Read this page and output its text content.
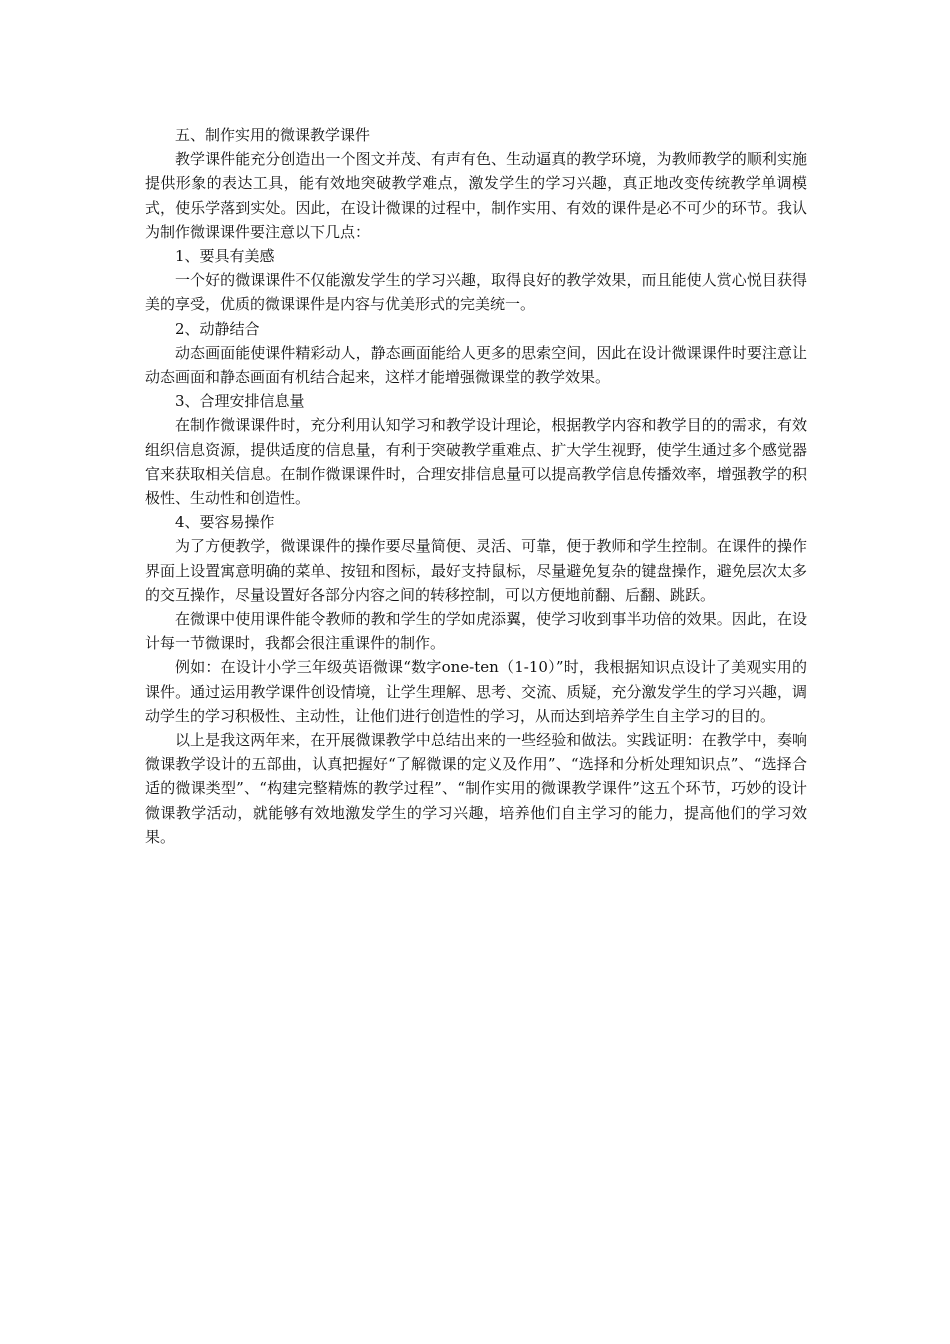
五、制作实用的微课教学课件

教学课件能充分创造出一个图文并茂、有声有色、生动逼真的教学环境，为教师教学的顺利实施提供形象的表达工具，能有效地突破教学难点，激发学生的学习兴趣，真正地改变传统教学单调模式，使乐学落到实处。因此，在设计微课的过程中，制作实用、有效的课件是必不可少的环节。我认为制作微课课件要注意以下几点：

1、要具有美感

一个好的微课课件不仅能激发学生的学习兴趣，取得良好的教学效果，而且能使人赏心悦目获得美的享受，优质的微课课件是内容与优美形式的完美统一。

2、动静结合

动态画面能使课件精彩动人，静态画面能给人更多的思索空间，因此在设计微课课件时要注意让动态画面和静态画面有机结合起来，这样才能增强微课堂的教学效果。

3、合理安排信息量

在制作微课课件时，充分利用认知学习和教学设计理论，根据教学内容和教学目的的需求，有效组织信息资源，提供适度的信息量，有利于突破教学重难点、扩大学生视野，使学生通过多个感觉器官来获取相关信息。在制作微课课件时，合理安排信息量可以提高教学信息传播效率，增强教学的积极性、生动性和创造性。

4、要容易操作

为了方便教学，微课课件的操作要尽量简便、灵活、可靠，便于教师和学生控制。在课件的操作界面上设置寓意明确的菜单、按钮和图标，最好支持鼠标，尽量避免复杂的键盘操作，避免层次太多的交互操作，尽量设置好各部分内容之间的转移控制，可以方便地前翻、后翻、跳跃。

在微课中使用课件能令教师的教和学生的学如虎添翼，使学习收到事半功倍的效果。因此，在设计每一节微课时，我都会很注重课件的制作。

例如：在设计小学三年级英语微课“数字one-ten（1-10）”时，我根据知识点设计了美观实用的课件。通过运用教学课件创设情境，让学生理解、思考、交流、质疑，充分激发学生的学习兴趣，调动学生的学习积极性、主动性，让他们进行创造性的学习，从而达到培养学生自主学习的目的。

以上是我这两年来，在开展微课教学中总结出来的一些经验和做法。实践证明：在教学中，奏响微课教学设计的五部曲，认真把握好“了解微课的定义及作用”、“选择和分析处理知识点”、“选择合适的微课类型”、“构建完整精炼的教学过程”、“制作实用的微课教学课件”这五个环节，巧妙的设计微课教学活动，就能够有效地激发学生的学习兴趣，培养他们自主学习的能力，提高他们的学习效果。
